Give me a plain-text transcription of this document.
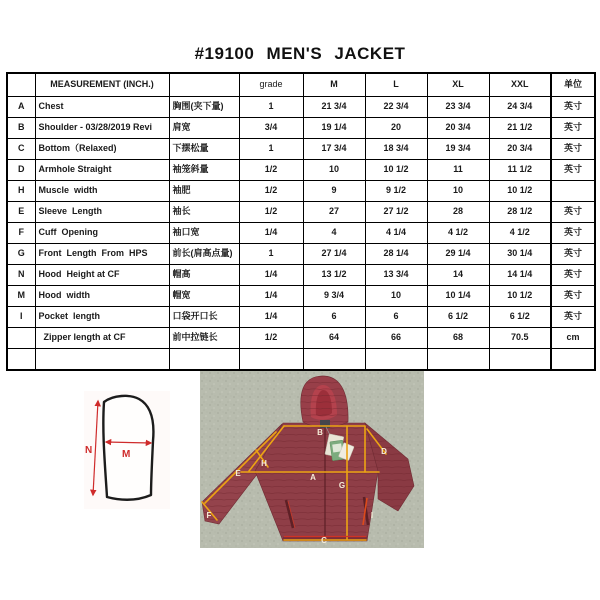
#19100 MEN'S JACKET
	MEASUREMENT (INCH.)		grade	M	L	XL	XXL	单位
A	Chest	胸围(夹下量)	1	21 3/4	22 3/4	23 3/4	24 3/4	英寸
B	Shoulder - 03/28/2019 Revi	肩宽	3/4	19 1/4	20	20 3/4	21 1/2	英寸
C	Bottom（Relaxed)	下摆松量	1	17 3/4	18 3/4	19 3/4	20 3/4	英寸
D	Armhole Straight	袖笼斜量	1/2	10	10 1/2	11	11 1/2	英寸
H	Muscle  width	袖肥	1/2	9	9 1/2	10	10 1/2	
E	Sleeve  Length	袖长	1/2	27	27 1/2	28	28 1/2	英寸
F	Cuff  Opening	袖口宽	1/4	4	4 1/4	4 1/2	4 1/2	英寸
G	Front  Length  From  HPS	前长(肩高点量)	1	27 1/4	28 1/4	29 1/4	30 1/4	英寸
N	Hood  Height at CF	帽高	1/4	13 1/2	13 3/4	14	14 1/4	英寸
M	Hood  width	帽宽	1/4	9 3/4	10	10 1/4	10 1/2	英寸
I	Pocket  length	口袋开口长	1/4	6	6	6 1/2	6 1/2	英寸
	Zipper length at CF	前中拉链长	1/2	64	66	68	70.5	cm

N	M
B
D
H
E	A
G
F	I
C
